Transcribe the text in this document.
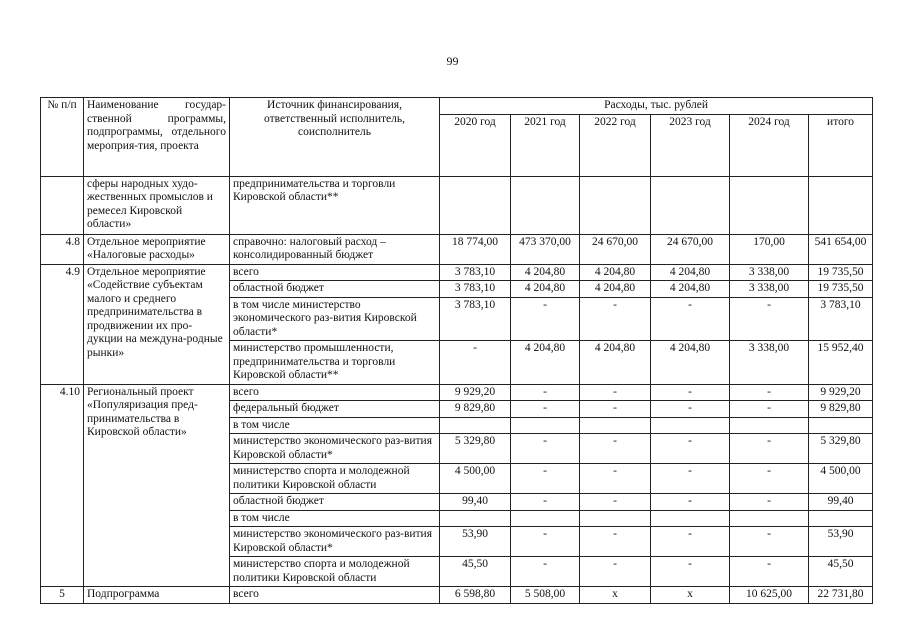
99
№ п/п	Наименование государ-ственной программы, подпрограммы, отдельного мероприя-тия, проекта	Источник финансирования, ответственный исполнитель, соисполнитель	Расходы, тыс. рублей					
			2020 год	2021 год	2022 год	2023 год	2024 год	итого
	сферы народных худо-жественных промыслов и ремесел Кировской области»	предпринимательства и торговли Кировской области**						
4.8	Отдельное мероприятие «Налоговые расходы»	справочно: налоговый расход – консолидированный бюджет	18 774,00	473 370,00	24 670,00	24 670,00	170,00	541 654,00
4.9	Отдельное мероприятие «Содействие субъектам малого и среднего предпринимательства в продвижении их про-дукции на междуна-родные рынки»	всего	3 783,10	4 204,80	4 204,80	4 204,80	3 338,00	19 735,50
		областной бюджет	3 783,10	4 204,80	4 204,80	4 204,80	3 338,00	19 735,50
		в том числе министерство экономического раз-вития Кировской области*	3 783,10	-	-	-	-	3 783,10
		министерство промышленности, предпринимательства и торговли Кировской области**	-	4 204,80	4 204,80	4 204,80	3 338,00	15 952,40
4.10	Региональный проект «Популяризация пред-принимательства в Кировской области»	всего	9 929,20	-	-	-	-	9 929,20
		федеральный бюджет	9 829,80	-	-	-	-	9 829,80
		в том числе						
		министерство экономического раз-вития Кировской области*	5 329,80	-	-	-	-	5 329,80
		министерство спорта и молодежной политики Кировской области	4 500,00	-	-	-	-	4 500,00
		областной бюджет	99,40	-	-	-	-	99,40
		в том числе						
		министерство экономического раз-вития Кировской области*	53,90	-	-	-	-	53,90
		министерство спорта и молодежной политики Кировской области	45,50	-	-	-	-	45,50
5	Подпрограмма	всего	6 598,80	5 508,00	х	х	10 625,00	22 731,80
